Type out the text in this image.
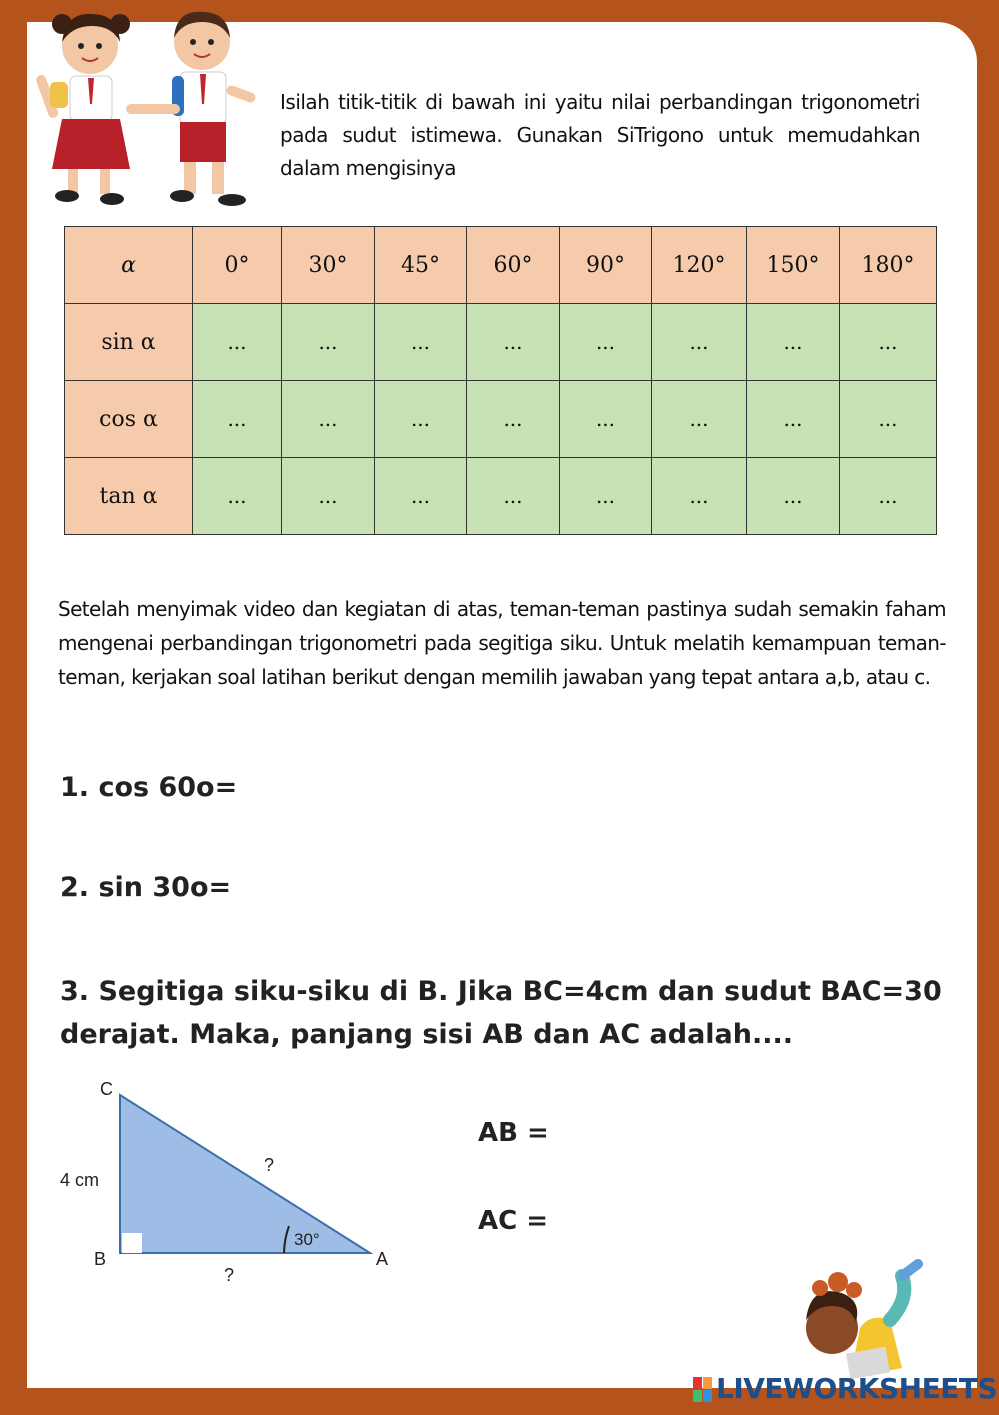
Isilah titik-titik di bawah ini yaitu nilai perbandingan trigonometri pada sudut istimewa. Gunakan SiTrigono untuk memudahkan dalam mengisinya
α	0°	30°	45°	60°	90°	120°	150°	180°
sin α	...	...	...	...	...	...	...	...
cos α	...	...	...	...	...	...	...	...
tan α	...	...	...	...	...	...	...	...
Setelah menyimak video dan kegiatan di atas, teman-teman pastinya sudah semakin faham mengenai perbandingan trigonometri pada segitiga siku. Untuk melatih kemampuan teman-teman, kerjakan soal latihan berikut dengan memilih jawaban yang tepat antara a,b, atau c.
1. cos 60o=
2. sin 30o=
3. Segitiga siku-siku di B. Jika BC=4cm dan sudut BAC=30 derajat. Maka, panjang sisi AB dan AC adalah....
C
B	A
4 cm
?
?
30°
AB =
AC =
LIVEWORKSHEETS
